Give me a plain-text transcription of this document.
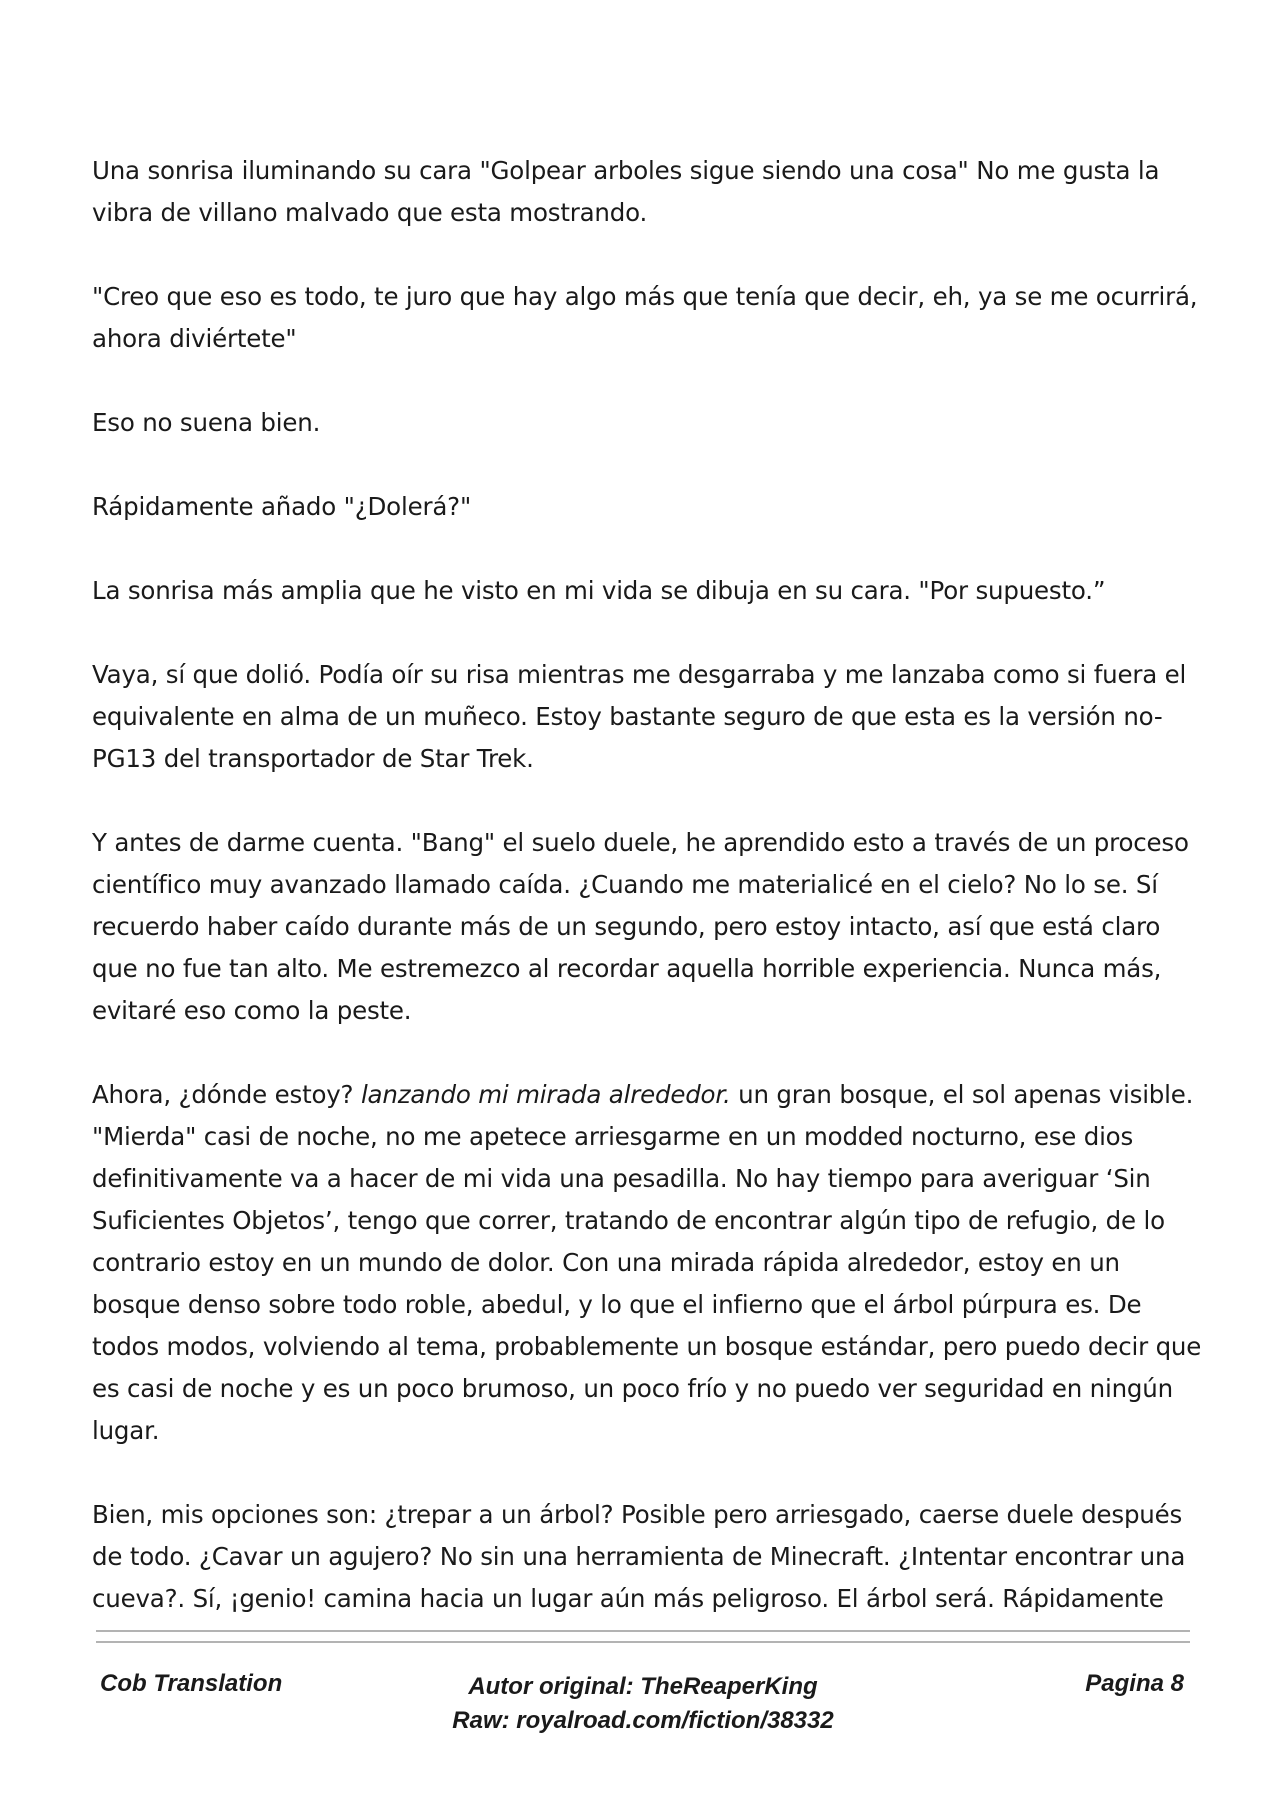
Una sonrisa iluminando su cara "Golpear arboles sigue siendo una cosa" No me gusta la vibra de villano malvado que esta mostrando.

"Creo que eso es todo, te juro que hay algo más que tenía que decir, eh, ya se me ocurrirá, ahora diviértete"

Eso no suena bien.

Rápidamente añado "¿Dolerá?"

La sonrisa más amplia que he visto en mi vida se dibuja en su cara. "Por supuesto.”

Vaya, sí que dolió. Podía oír su risa mientras me desgarraba y me lanzaba como si fuera el equivalente en alma de un muñeco. Estoy bastante seguro de que esta es la versión no-PG13 del transportador de Star Trek.

Y antes de darme cuenta. "Bang" el suelo duele, he aprendido esto a través de un proceso científico muy avanzado llamado caída. ¿Cuando me materialicé en el cielo? No lo se. Sí recuerdo haber caído durante más de un segundo, pero estoy intacto, así que está claro que no fue tan alto. Me estremezco al recordar aquella horrible experiencia. Nunca más, evitaré eso como la peste.

Ahora, ¿dónde estoy? lanzando mi mirada alrededor. un gran bosque, el sol apenas visible. "Mierda" casi de noche, no me apetece arriesgarme en un modded nocturno, ese dios definitivamente va a hacer de mi vida una pesadilla. No hay tiempo para averiguar ‘Sin Suficientes Objetos’, tengo que correr, tratando de encontrar algún tipo de refugio, de lo contrario estoy en un mundo de dolor. Con una mirada rápida alrededor, estoy en un bosque denso sobre todo roble, abedul, y lo que el infierno que el árbol púrpura es. De todos modos, volviendo al tema, probablemente un bosque estándar, pero puedo decir que es casi de noche y es un poco brumoso, un poco frío y no puedo ver seguridad en ningún lugar.

Bien, mis opciones son: ¿trepar a un árbol? Posible pero arriesgado, caerse duele después de todo. ¿Cavar un agujero? No sin una herramienta de Minecraft. ¿Intentar encontrar una cueva?. Sí, ¡genio! camina hacia un lugar aún más peligroso. El árbol será. Rápidamente

Cob Translation	Autor original: TheReaperKing
Raw: royalroad.com/fiction/38332
Pagina 8
